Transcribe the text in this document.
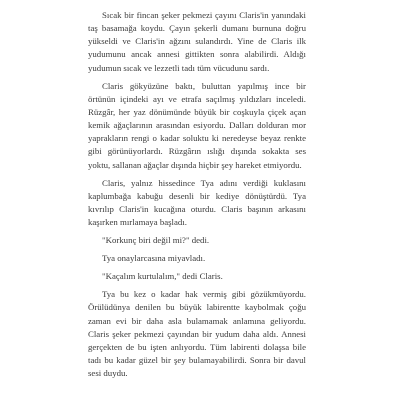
Sıcak bir fincan şeker pekmezi çayını Claris'in yanındaki taş basamağa koydu. Çayın şekerli dumanı burnuna doğru yükseldi ve Claris'in ağzını sulandırdı. Yine de Claris ilk yudumunu ancak annesi gittikten sonra alabilirdi. Aldığı yudumun sıcak ve lezzetli tadı tüm vücudunu sardı.

Claris gökyüzüne baktı, buluttan yapılmış ince bir örtünün içindeki ayı ve etrafa saçılmış yıldızları inceledi. Rüzgâr, her yaz dönümünde büyük bir coşkuyla çiçek açan kemik ağaçlarının arasından esiyordu. Dalları dolduran mor yaprakların rengi o kadar soluktu ki neredeyse beyaz renkte gibi görünüyorlardı. Rüzgârın ıslığı dışında sokakta ses yoktu, sallanan ağaçlar dışında hiçbir şey hareket etmiyordu.

Claris, yalnız hissedince Tya adını verdiği kuklasını kaplumbağa kabuğu desenli bir kediye dönüştürdü. Tya kıvrılıp Claris'in kucağına oturdu. Claris başının arkasını kaşırken mırlamaya başladı.

"Korkunç biri değil mi?" dedi.

Tya onaylarcasına miyavladı.

"Kaçalım kurtulalım," dedi Claris.

Tya bu kez o kadar hak vermiş gibi gözükmüyordu. Örülüdünya denilen bu büyük labirentte kaybolmak çoğu zaman evi bir daha asla bulamamak anlamına geliyordu. Claris şeker pekmezi çayından bir yudum daha aldı. Annesi gerçekten de bu işten anlıyordu. Tüm labirenti dolaşsa bile tadı bu kadar güzel bir şey bulamayabilirdi. Sonra bir davul sesi duydu.
